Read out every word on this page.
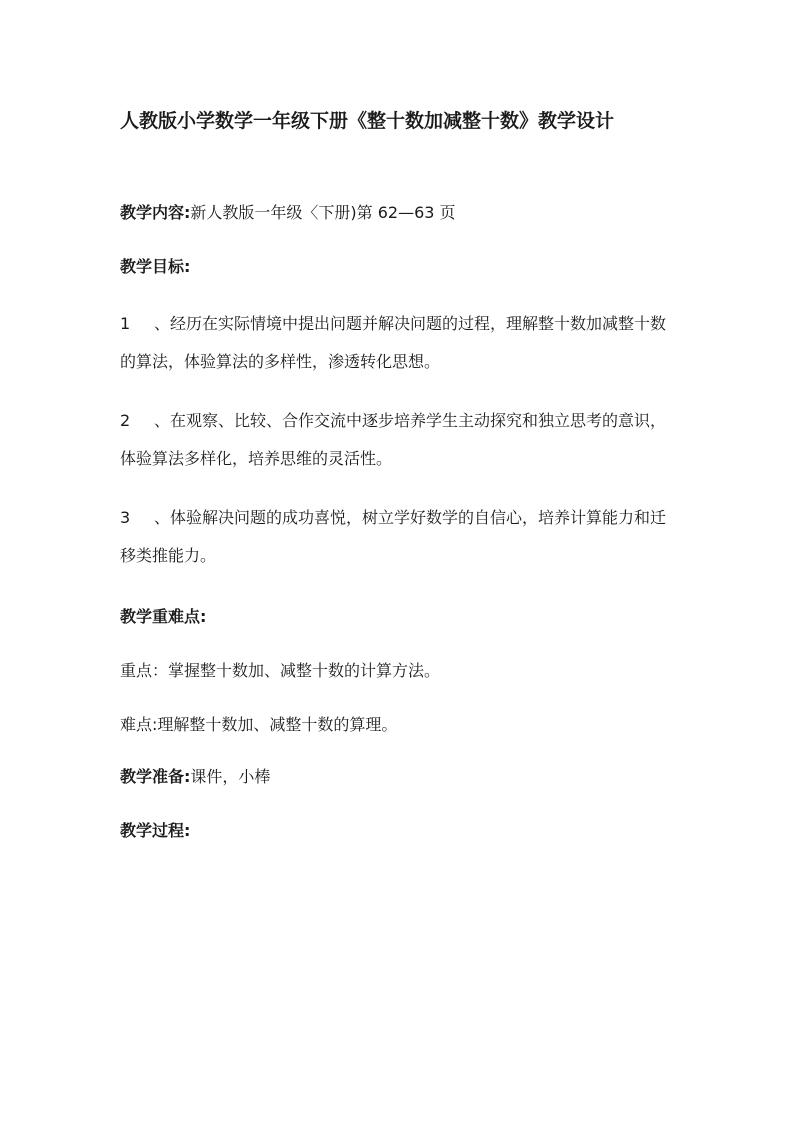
人教版小学数学一年级下册《整十数加减整十数》教学设计

教学内容:新人教版一年级〈下册)第 62—63 页

教学目标:

1 、经历在实际情境中提出问题并解决问题的过程，理解整十数加减整十数的算法，体验算法的多样性，渗透转化思想。

2 、在观察、比较、合作交流中逐步培养学生主动探究和独立思考的意识，体验算法多样化，培养思维的灵活性。

3 、体验解决问题的成功喜悦，树立学好数学的自信心，培养计算能力和迁移类推能力。

教学重难点:

重点：掌握整十数加、减整十数的计算方法。

难点:理解整十数加、减整十数的算理。

教学准备:课件，小棒

教学过程:
